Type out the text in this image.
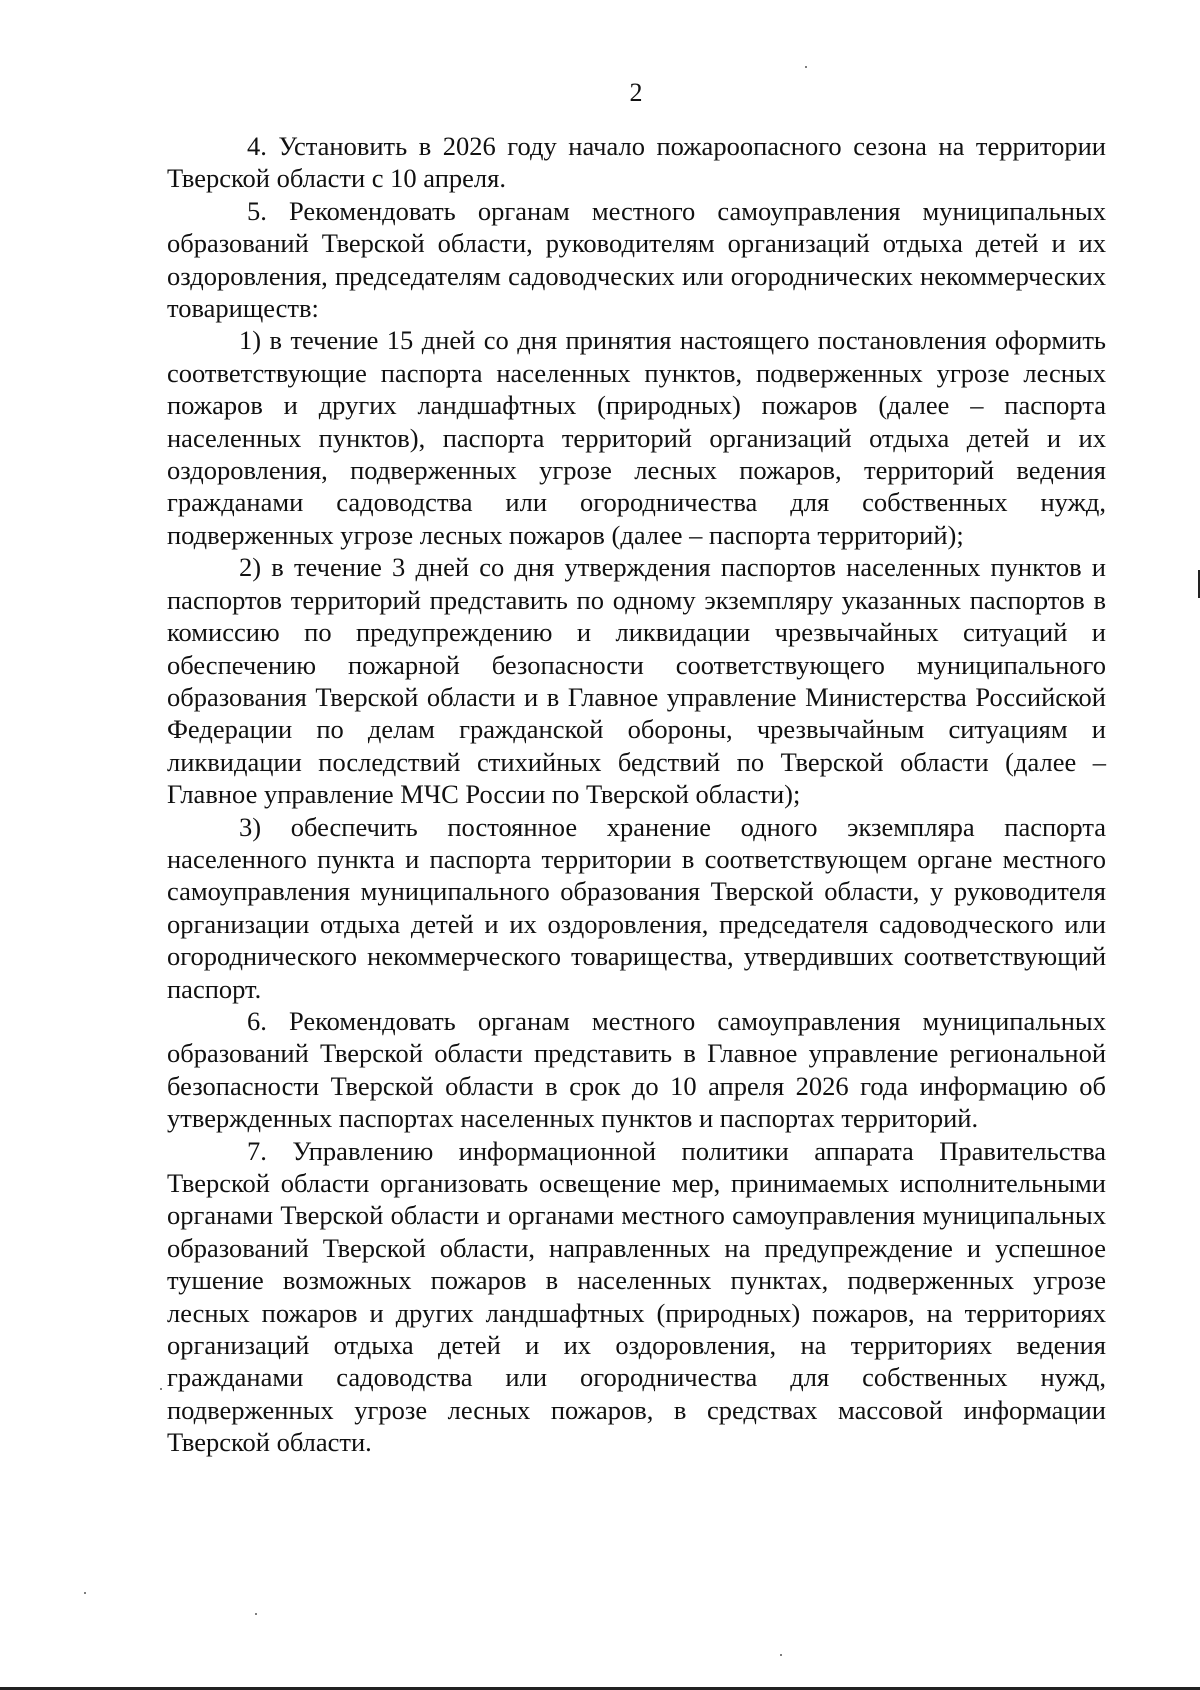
2

4. Установить в 2026 году начало пожароопасного сезона на территории Тверской области с 10 апреля.

5. Рекомендовать органам местного самоуправления муниципальных образований Тверской области, руководителям организаций отдыха детей и их оздоровления, председателям садоводческих или огороднических некоммерческих товариществ:

1) в течение 15 дней со дня принятия настоящего постановления оформить соответствующие паспорта населенных пунктов, подверженных угрозе лесных пожаров и других ландшафтных (природных) пожаров (далее – паспорта населенных пунктов), паспорта территорий организаций отдыха детей и их оздоровления, подверженных угрозе лесных пожаров, территорий ведения гражданами садоводства или огородничества для собственных нужд, подверженных угрозе лесных пожаров (далее – паспорта территорий);

2) в течение 3 дней со дня утверждения паспортов населенных пунктов и паспортов территорий представить по одному экземпляру указанных паспортов в комиссию по предупреждению и ликвидации чрезвычайных ситуаций и обеспечению пожарной безопасности соответствующего муниципального образования Тверской области и в Главное управление Министерства Российской Федерации по делам гражданской обороны, чрезвычайным ситуациям и ликвидации последствий стихийных бедствий по Тверской области (далее – Главное управление МЧС России по Тверской области);

3) обеспечить постоянное хранение одного экземпляра паспорта населенного пункта и паспорта территории в соответствующем органе местного самоуправления муниципального образования Тверской области, у руководителя организации отдыха детей и их оздоровления, председателя садоводческого или огороднического некоммерческого товарищества, утвердивших соответствующий паспорт.

6. Рекомендовать органам местного самоуправления муниципальных образований Тверской области представить в Главное управление региональной безопасности Тверской области в срок до 10 апреля 2026 года информацию об утвержденных паспортах населенных пунктов и паспортах территорий.

7. Управлению информационной политики аппарата Правительства Тверской области организовать освещение мер, принимаемых исполнительными органами Тверской области и органами местного самоуправления муниципальных образований Тверской области, направленных на предупреждение и успешное тушение возможных пожаров в населенных пунктах, подверженных угрозе лесных пожаров и других ландшафтных (природных) пожаров, на территориях организаций отдыха детей и их оздоровления, на территориях ведения гражданами садоводства или огородничества для собственных нужд, подверженных угрозе лесных пожаров, в средствах массовой информации Тверской области.
